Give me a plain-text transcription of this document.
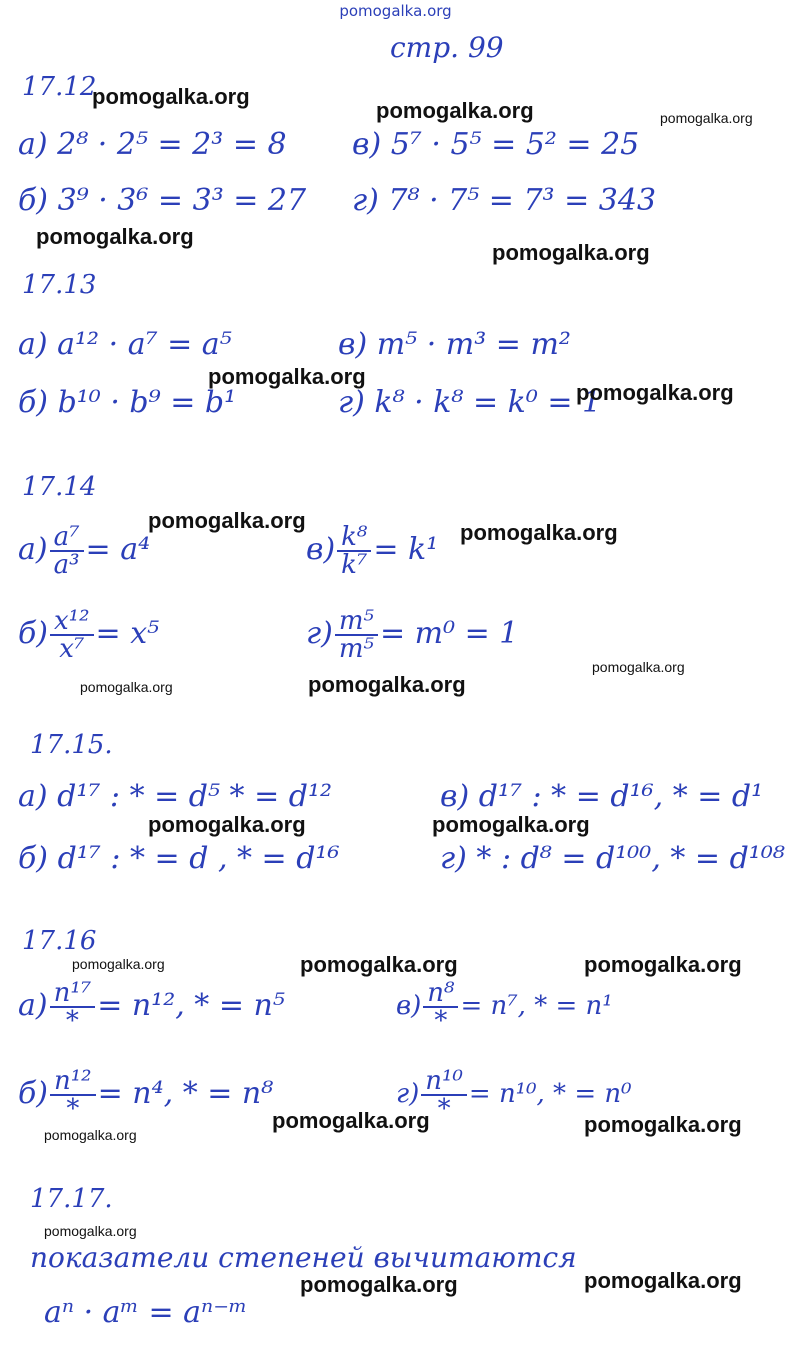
pomogalka.org
стр. 99
17.12
а) 2⁸ · 2⁵ = 2³ = 8 в) 5⁷ · 5⁵ = 5² = 25
б) 3⁹ · 3⁶ = 3³ = 27 г) 7⁸ · 7⁵ = 7³ = 343
17.13
а) a¹² · a⁷ = a⁵	в) m⁵ · m³ = m²
б) b¹⁰ · b⁹ = b¹	г) k⁸ · k⁸ = k⁰ = 1
17.14
$а) \frac{\text{a⁷}}{\text{a³}} = a^4$	$в) \frac{\text{k⁸}}{\text{k⁷}} = k^1$
$б) \frac{\text{x¹²}}{\text{x⁷}} = x^5$	$г) \frac{\text{m⁵}}{\text{m⁵}} = m^0 = 1$
17.15.
а) d¹⁷ : * = d⁵ * = d¹²	в) d¹⁷ : * = d¹⁶, * = d¹
б) d¹⁷ : * = d , * = d¹⁶	г) * : d⁸ = d¹⁰⁰, * = d¹⁰⁸
17.16
$а) \frac{\text{n¹⁷}}{*} = n^{12}$, * = n⁵	$в) \frac{\text{n⁸}}{*} = n^7$, * = n¹
$б) \frac{\text{n¹²}}{*} = n^4$, * = n⁸	$г) \frac{\text{n¹⁰}}{*} = n^{10}$, * = n⁰
17.17.
показатели степеней вычитаются
aⁿ · aᵐ = aⁿ⁻ᵐ
pomogalka.org
pomogalka.org	pomogalka.org
pomogalka.org
pomogalka.org
pomogalka.org
pomogalka.org
pomogalka.org	pomogalka.org
pomogalka.org
pomogalka.org	pomogalka.org
pomogalka.org	pomogalka.org
pomogalka.org	pomogalka.org	pomogalka.org
pomogalka.org	pomogalka.org
pomogalka.org
pomogalka.org
pomogalka.org	pomogalka.org
